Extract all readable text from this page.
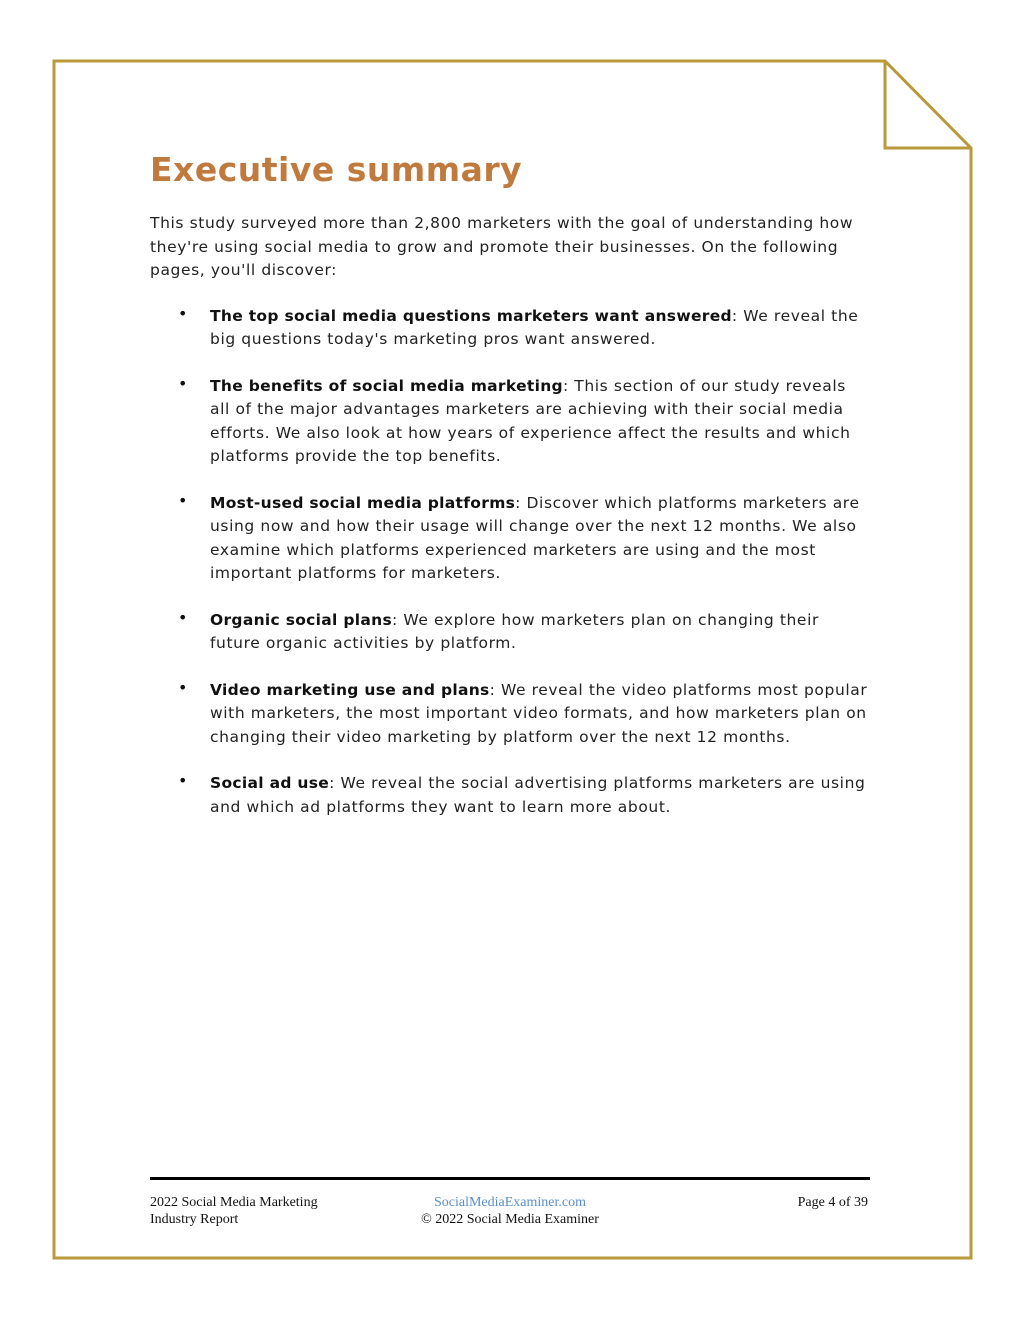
Executive summary

This study surveyed more than 2,800 marketers with the goal of understanding how they're using social media to grow and promote their businesses. On the following pages, you'll discover:

• The top social media questions marketers want answered: We reveal the big questions today's marketing pros want answered.
• The benefits of social media marketing: This section of our study reveals all of the major advantages marketers are achieving with their social media efforts. We also look at how years of experience affect the results and which platforms provide the top benefits.
• Most-used social media platforms: Discover which platforms marketers are using now and how their usage will change over the next 12 months. We also examine which platforms experienced marketers are using and the most important platforms for marketers.
• Organic social plans: We explore how marketers plan on changing their future organic activities by platform.
• Video marketing use and plans: We reveal the video platforms most popular with marketers, the most important video formats, and how marketers plan on changing their video marketing by platform over the next 12 months.
• Social ad use: We reveal the social advertising platforms marketers are using and which ad platforms they want to learn more about.
2022 Social Media Marketing
Industry Report
SocialMediaExaminer.com
© 2022 Social Media Examiner
Page 4 of 39
